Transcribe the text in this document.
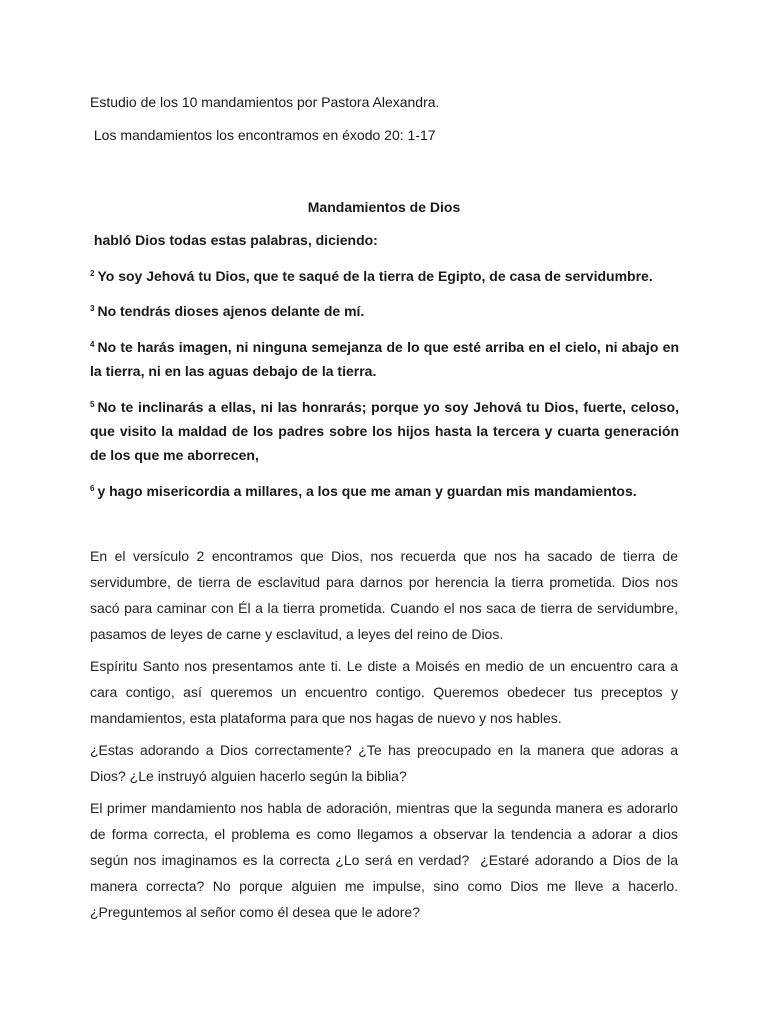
Estudio de los 10 mandamientos por Pastora Alexandra.
Los mandamientos los encontramos en éxodo 20: 1-17
Mandamientos de Dios
habló Dios todas estas palabras, diciendo:
$^2$ Yo soy Jehová tu Dios, que te saqué de la tierra de Egipto, de casa de servidumbre.
$^3$ No tendrás dioses ajenos delante de mí.
$^4$ No te harás imagen, ni ninguna semejanza de lo que esté arriba en el cielo, ni abajo en la tierra, ni en las aguas debajo de la tierra.
$^5$ No te inclinarás a ellas, ni las honrarás; porque yo soy Jehová tu Dios, fuerte, celoso, que visito la maldad de los padres sobre los hijos hasta la tercera y cuarta generación de los que me aborrecen,
$^6$ y hago misericordia a millares, a los que me aman y guardan mis mandamientos.
En el versículo 2 encontramos que Dios, nos recuerda que nos ha sacado de tierra de servidumbre, de tierra de esclavitud para darnos por herencia la tierra prometida. Dios nos sacó para caminar con Él a la tierra prometida. Cuando el nos saca de tierra de servidumbre, pasamos de leyes de carne y esclavitud, a leyes del reino de Dios.
Espíritu Santo nos presentamos ante ti. Le diste a Moisés en medio de un encuentro cara a cara contigo, así queremos un encuentro contigo. Queremos obedecer tus preceptos y mandamientos, esta plataforma para que nos hagas de nuevo y nos hables.
¿Estas adorando a Dios correctamente? ¿Te has preocupado en la manera que adoras a Dios? ¿Le instruyó alguien hacerlo según la biblia?
El primer mandamiento nos habla de adoración, mientras que la segunda manera es adorarlo de forma correcta, el problema es como llegamos a observar la tendencia a adorar a dios según nos imaginamos es la correcta ¿Lo será en verdad?  ¿Estaré adorando a Dios de la manera correcta? No porque alguien me impulse, sino como Dios me lleve a hacerlo. ¿Preguntemos al señor como él desea que le adore?
